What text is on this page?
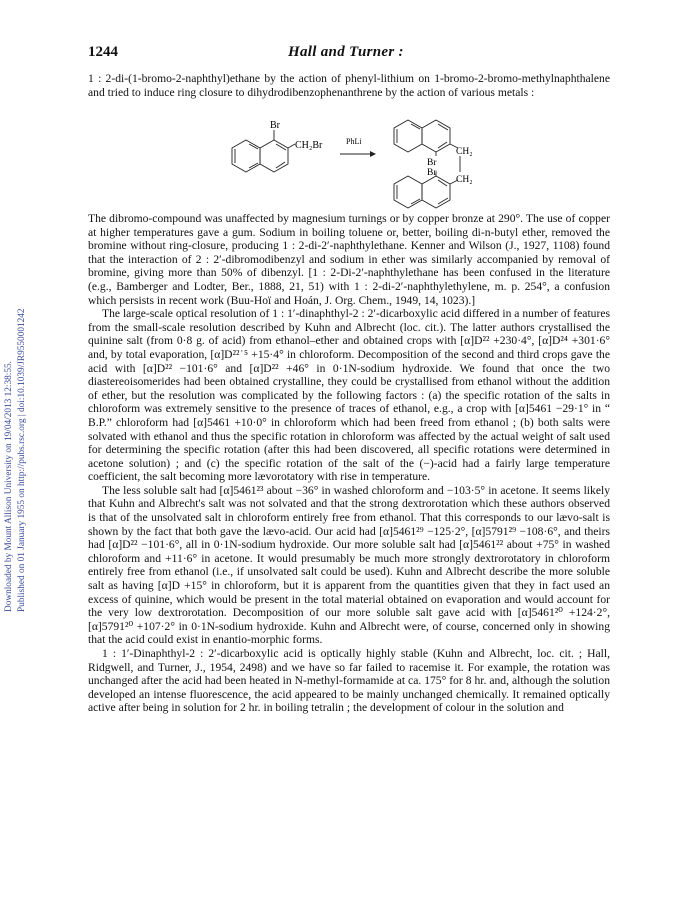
1244	Hall and Turner :
Downloaded by Mount Allison University on 19/04/2013 12:38:55. Published on 01 January 1955 on http://pubs.rsc.org | doi:10.1039/JR9550001242

1 : 2-di-(1-bromo-2-naphthyl)ethane by the action of phenyl-lithium on 1-bromo-2-bromo-methylnaphthalene and tried to induce ring closure to dihydrodibenzophenanthrene by the action of various metals :

Br
CH₂Br	PhLi
Br
Br
CH₂
CH₂

The dibromo-compound was unaffected by magnesium turnings or by copper bronze at 290°. The use of copper at higher temperatures gave a gum. Sodium in boiling toluene or, better, boiling di-n-butyl ether, removed the bromine without ring-closure, producing 1 : 2-di-2′-naphthylethane. Kenner and Wilson (J., 1927, 1108) found that the interaction of 2 : 2′-dibromodibenzyl and sodium in ether was similarly accompanied by removal of bromine, giving more than 50% of dibenzyl. [1 : 2-Di-2′-naphthylethane has been confused in the literature (e.g., Bamberger and Lodter, Ber., 1888, 21, 51) with 1 : 2-di-2′-naphthylethylene, m. p. 254°, a confusion which persists in recent work (Buu-Hoï and Hoán, J. Org. Chem., 1949, 14, 1023).]

The large-scale optical resolution of 1 : 1′-dinaphthyl-2 : 2′-dicarboxylic acid differed in a number of features from the small-scale resolution described by Kuhn and Albrecht (loc. cit.). The latter authors crystallised the quinine salt (from 0·8 g. of acid) from ethanol–ether and obtained crops with [α]D²² +230·4°, [α]D²⁴ +301·6° and, by total evaporation, [α]D²²˙⁵ +15·4° in chloroform. Decomposition of the second and third crops gave the acid with [α]D²² −101·6° and [α]D²² +46° in 0·1N-sodium hydroxide. We found that once the two diastereoisomerides had been obtained crystalline, they could be crystallised from ethanol without the addition of ether, but the resolution was complicated by the following factors : (a) the specific rotation of the salts in chloroform was extremely sensitive to the presence of traces of ethanol, e.g., a crop with [α]5461 −29·1° in “ B.P.” chloroform had [α]5461 +10·0° in chloroform which had been freed from ethanol ; (b) both salts were solvated with ethanol and thus the specific rotation in chloroform was affected by the actual weight of salt used for determining the specific rotation (after this had been discovered, all specific rotations were determined in acetone solution) ; and (c) the specific rotation of the salt of the (−)-acid had a fairly large temperature coefficient, the salt becoming more lævorotatory with rise in temperature.

The less soluble salt had [α]5461²³ about −36° in washed chloroform and −103·5° in acetone. It seems likely that Kuhn and Albrecht's salt was not solvated and that the strong dextrorotation which these authors observed is that of the unsolvated salt in chloroform entirely free from ethanol. That this corresponds to our lævo-salt is shown by the fact that both gave the lævo-acid. Our acid had [α]5461²⁹ −125·2°, [α]5791²⁹ −108·6°, and theirs had [α]D²² −101·6°, all in 0·1N-sodium hydroxide. Our more soluble salt had [α]5461²² about +75° in washed chloroform and +11·6° in acetone. It would presumably be much more strongly dextrorotatory in chloroform entirely free from ethanol (i.e., if unsolvated salt could be used). Kuhn and Albrecht describe the more soluble salt as having [α]D +15° in chloroform, but it is apparent from the quantities given that they in fact used an excess of quinine, which would be present in the total material obtained on evaporation and would account for the very low dextrorotation. Decomposition of our more soluble salt gave acid with [α]5461²⁰ +124·2°, [α]5791²⁰ +107·2° in 0·1N-sodium hydroxide. Kuhn and Albrecht were, of course, concerned only in showing that the acid could exist in enantio-morphic forms.

1 : 1′-Dinaphthyl-2 : 2′-dicarboxylic acid is optically highly stable (Kuhn and Albrecht, loc. cit. ; Hall, Ridgwell, and Turner, J., 1954, 2498) and we have so far failed to racemise it. For example, the rotation was unchanged after the acid had been heated in N-methyl-formamide at ca. 175° for 8 hr. and, although the solution developed an intense fluorescence, the acid appeared to be mainly unchanged chemically. It remained optically active after being in solution for 2 hr. in boiling tetralin ; the development of colour in the solution and
